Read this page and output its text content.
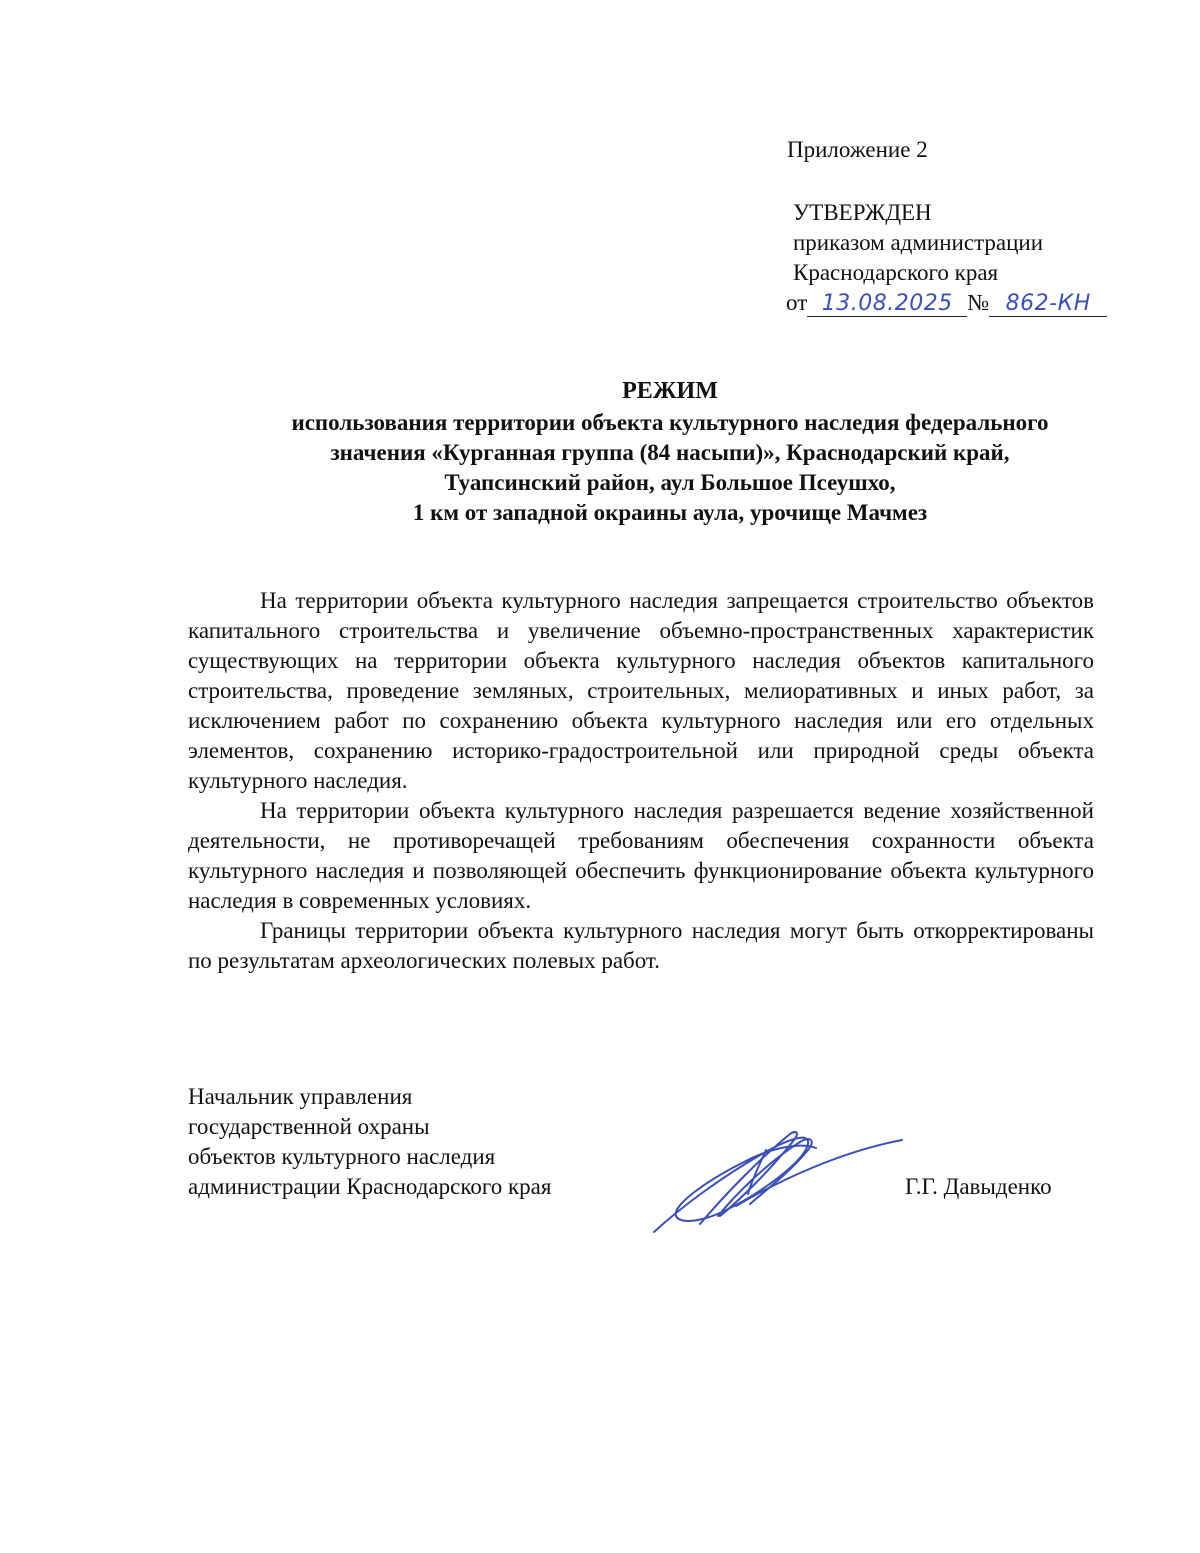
Приложение 2
УТВЕРЖДЕН
приказом администрации
Краснодарского края
от 13.08.2025 № 862-КН
РЕЖИМ
использования территории объекта культурного наследия федерального
значения «Курганная группа (84 насыпи)», Краснодарский край,
Туапсинский район, аул Большое Псеушхо,
1 км от западной окраины аула, урочище Мачмез

На территории объекта культурного наследия запрещается строительство объектов капитального строительства и увеличение объемно-пространственных характеристик существующих на территории объекта культурного наследия объектов капитального строительства, проведение земляных, строительных, мелиоративных и иных работ, за исключением работ по сохранению объекта культурного наследия или его отдельных элементов, сохранению историко-градостроительной или природной среды объекта культурного наследия.

На территории объекта культурного наследия разрешается ведение хозяйственной деятельности, не противоречащей требованиям обеспечения сохранности объекта культурного наследия и позволяющей обеспечить функционирование объекта культурного наследия в современных условиях.

Границы территории объекта культурного наследия могут быть откорректированы по результатам археологических полевых работ.

Начальник управления
государственной охраны
объектов культурного наследия
администрации Краснодарского края	Г.Г. Давыденко
